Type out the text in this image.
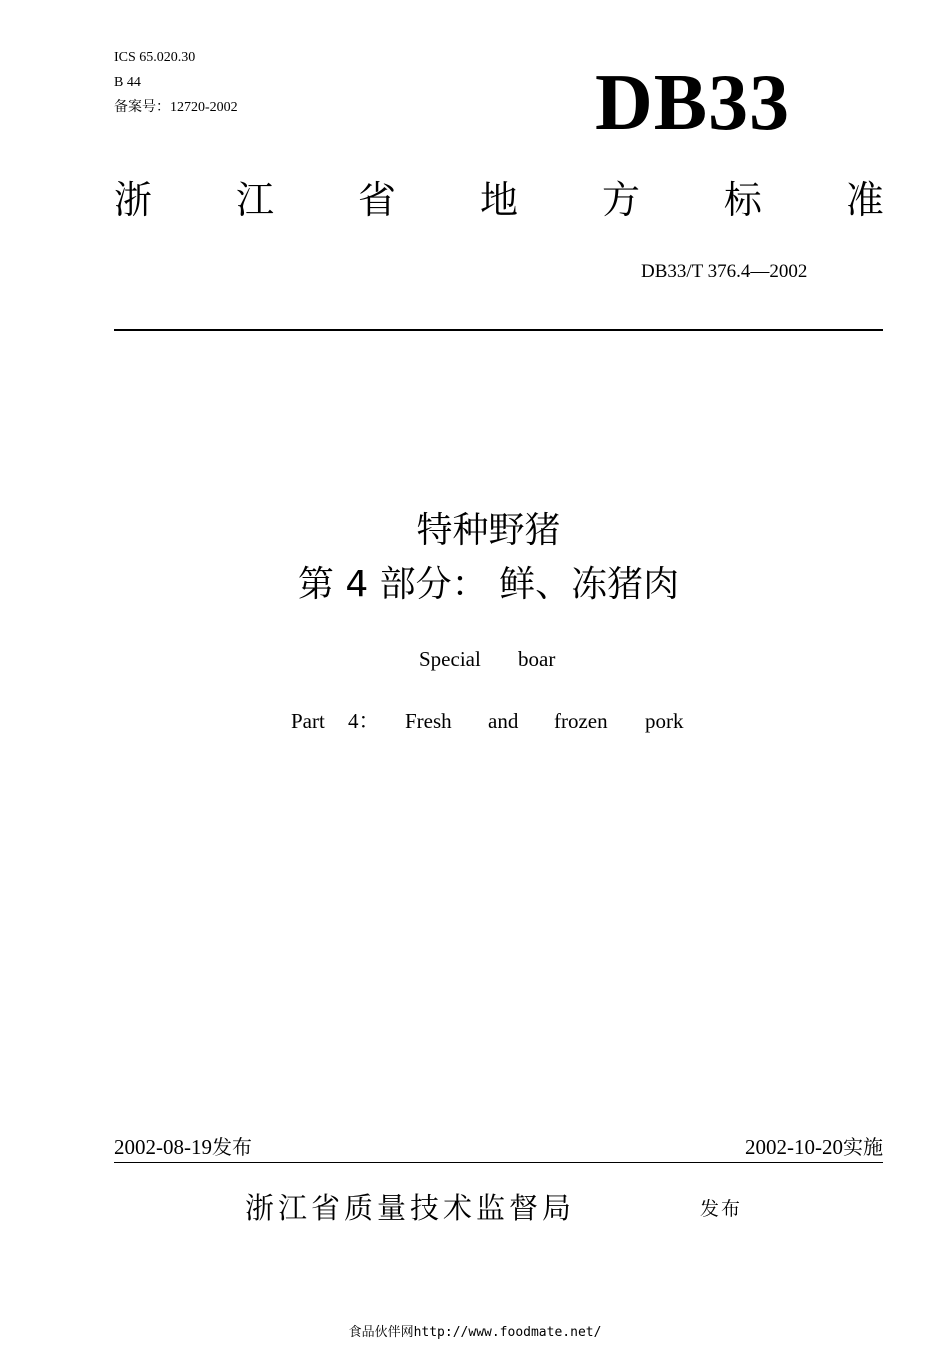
ICS 65.020.30
B 44
备案号：12720-2002	DB33
浙 江 省 地 方 标 准
DB33/T 376.4—2002
特种野猪
第 4 部分： 鲜、冻猪肉
Special boar
Part 4： Fresh and frozen pork
2002-08-19发布	2002-10-20实施
浙江省质量技术监督局	发布
食品伙伴网http://www.foodmate.net/
